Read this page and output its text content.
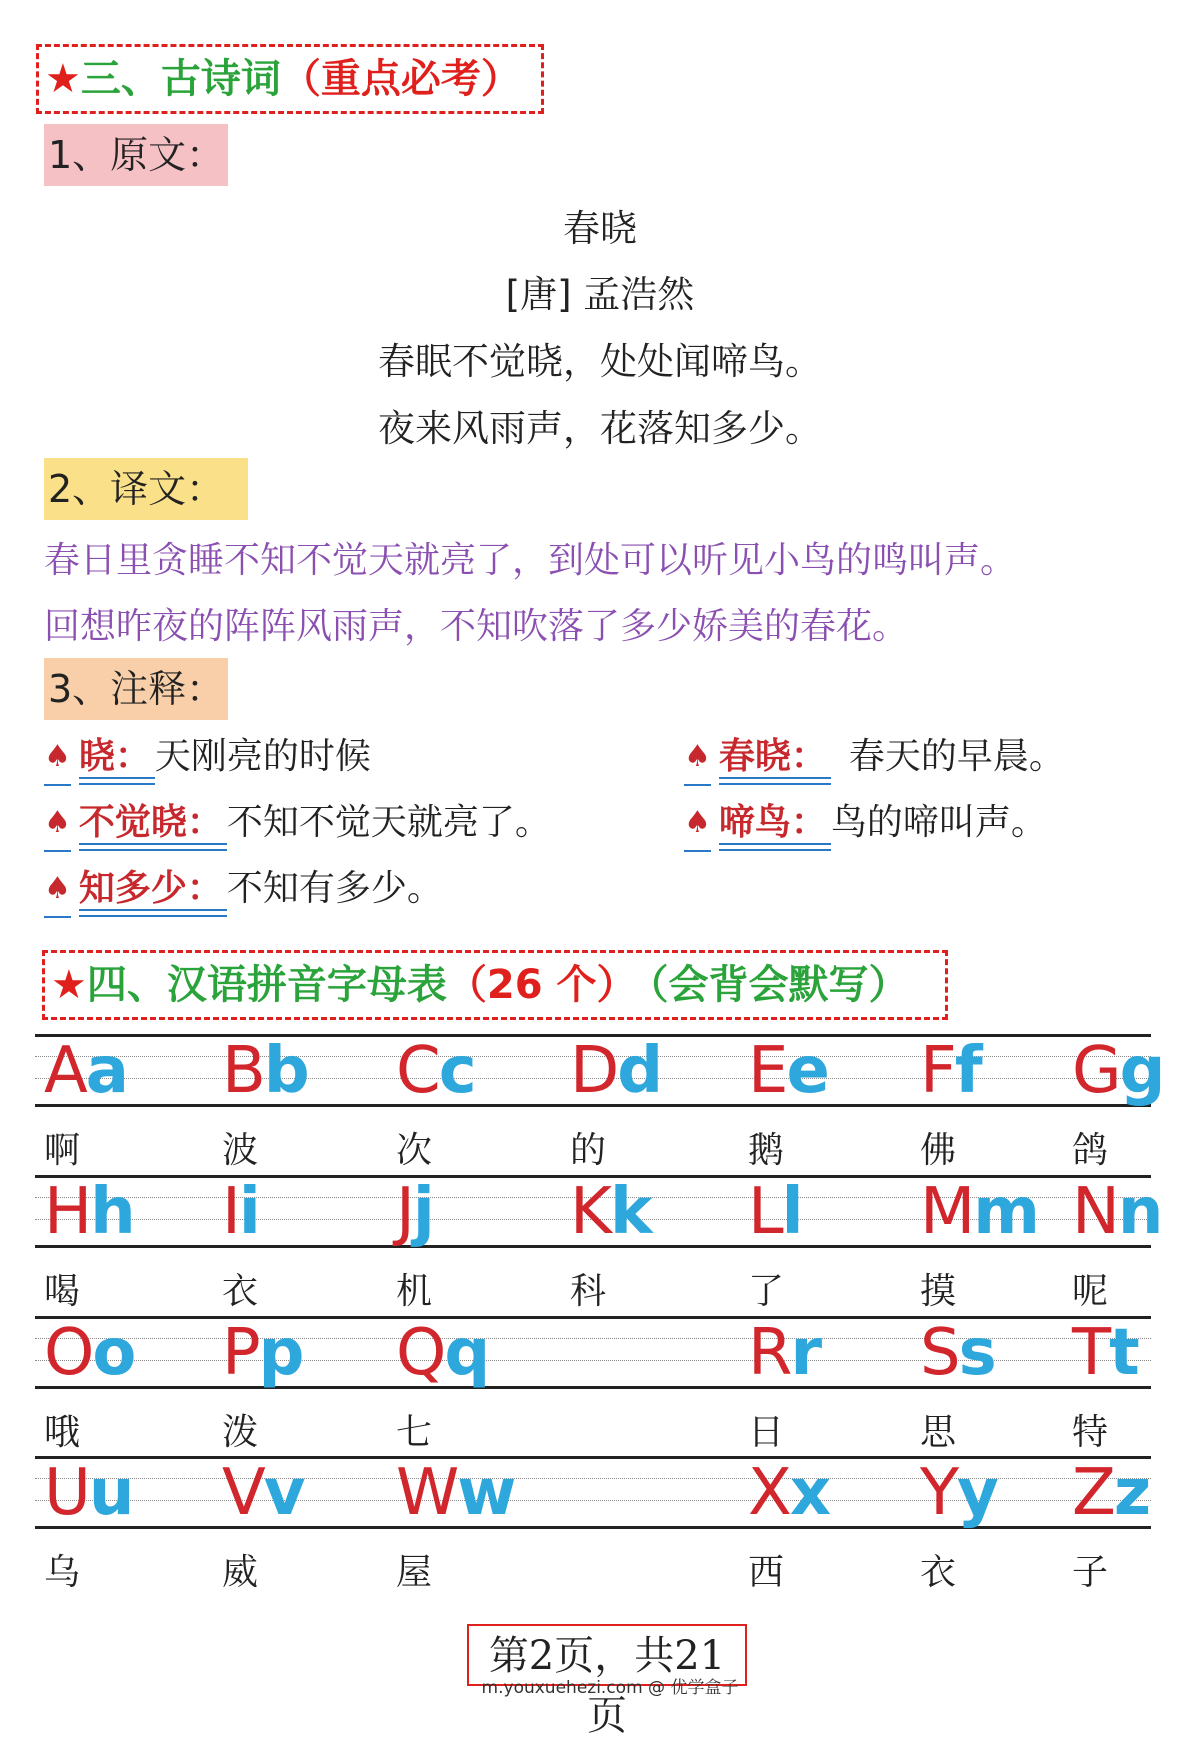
★三、古诗词（重点必考）
1、原文：
春晓
[唐] 孟浩然
春眠不觉晓，处处闻啼鸟。
夜来风雨声，花落知多少。
2、译文：
春日里贪睡不知不觉天就亮了，到处可以听见小鸟的鸣叫声。
回想昨夜的阵阵风雨声，不知吹落了多少娇美的春花。
3、注释：
♠ 晓： 天刚亮的时候	♠ 春晓： 春天的早晨。
♠ 不觉晓： 不知不觉天就亮了。	♠ 啼鸟： 鸟的啼叫声。
♠ 知多少： 不知有多少。
★四、汉语拼音字母表（26 个） （会背会默写）
Aa
啊
Bb
波
Cc
次
Dd
的
Ee
鹅
Ff
佛
Gg
鸽
Hh
喝
Ii
衣
Jj
机
Kk
科
Ll
了
Mm
摸
Nn
呢
Oo
哦
Pp
泼
Qq
七
Rr
日
Ss
思
Tt
特
Uu
乌
Vv
威
Ww
屋
Xx
西
Yy
衣
Zz
子
第2页，共21页
m.youxuehezi.com @ 优学盒子
